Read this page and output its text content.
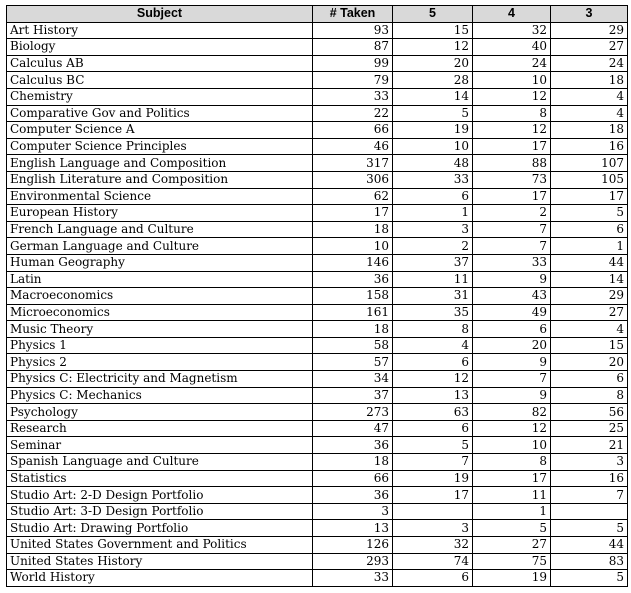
Subject	# Taken	5	4	3
Art History	93	15	32	29
Biology	87	12	40	27
Calculus AB	99	20	24	24
Calculus BC	79	28	10	18
Chemistry	33	14	12	4
Comparative Gov and Politics	22	5	8	4
Computer Science A	66	19	12	18
Computer Science Principles	46	10	17	16
English Language and Composition	317	48	88	107
English Literature and Composition	306	33	73	105
Environmental Science	62	6	17	17
European History	17	1	2	5
French Language and Culture	18	3	7	6
German Language and Culture	10	2	7	1
Human Geography	146	37	33	44
Latin	36	11	9	14
Macroeconomics	158	31	43	29
Microeconomics	161	35	49	27
Music Theory	18	8	6	4
Physics 1	58	4	20	15
Physics 2	57	6	9	20
Physics C: Electricity and Magnetism	34	12	7	6
Physics C: Mechanics	37	13	9	8
Psychology	273	63	82	56
Research	47	6	12	25
Seminar	36	5	10	21
Spanish Language and Culture	18	7	8	3
Statistics	66	19	17	16
Studio Art: 2-D Design Portfolio	36	17	11	7
Studio Art: 3-D Design Portfolio	3		1	
Studio Art: Drawing Portfolio	13	3	5	5
United States Government and Politics	126	32	27	44
United States History	293	74	75	83
World History	33	6	19	5
